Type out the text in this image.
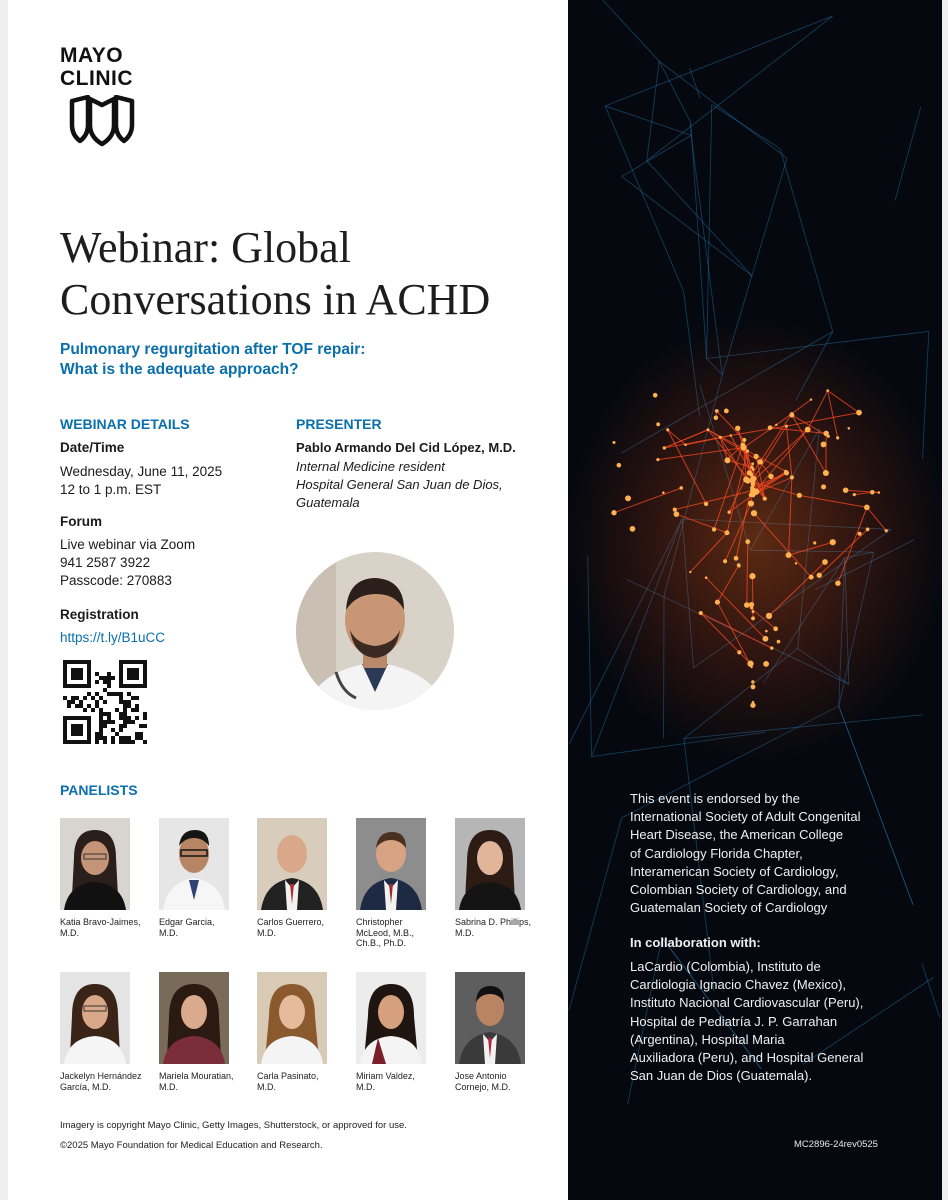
MAYO
CLINIC
Webinar: Global Conversations in ACHD
Pulmonary regurgitation after TOF repair:
What is the adequate approach?
WEBINAR DETAILS
Date/Time
Wednesday, June 11, 2025
12 to 1 p.m. EST
Forum
Live webinar via Zoom
941 2587 3922
Passcode: 270883
Registration
https://t.ly/B1uCC
PRESENTER
Pablo Armando Del Cid López, M.D.
Internal Medicine resident
Hospital General San Juan de Dios,
Guatemala
PANELISTS
Katia Bravo-Jaimes,
M.D.
Edgar Garcia,
M.D.
Carlos Guerrero,
M.D.
Christopher
McLeod, M.B.,
Ch.B., Ph.D.
Sabrina D. Phillips,
M.D.
Jackelyn Hernández
García, M.D.
Mariela Mouratian,
M.D.
Carla Pasinato,
M.D.
Miriam Valdez,
M.D.
Jose Antonio
Cornejo, M.D.
Imagery is copyright Mayo Clinic, Getty Images, Shutterstock, or approved for use.
©2025 Mayo Foundation for Medical Education and Research.
This event is endorsed by the
International Society of Adult Congenital
Heart Disease, the American College
of Cardiology Florida Chapter,
Interamerican Society of Cardiology,
Colombian Society of Cardiology, and
Guatemalan Society of Cardiology
In collaboration with:
LaCardio (Colombia), Instituto de
Cardiologia Ignacio Chavez (Mexico),
Instituto Nacional Cardiovascular (Peru),
Hospital de Pediatría J. P. Garrahan
(Argentina), Hospital Maria
Auxiliadora (Peru), and Hospital General
San Juan de Dios (Guatemala).
MC2896-24rev0525
